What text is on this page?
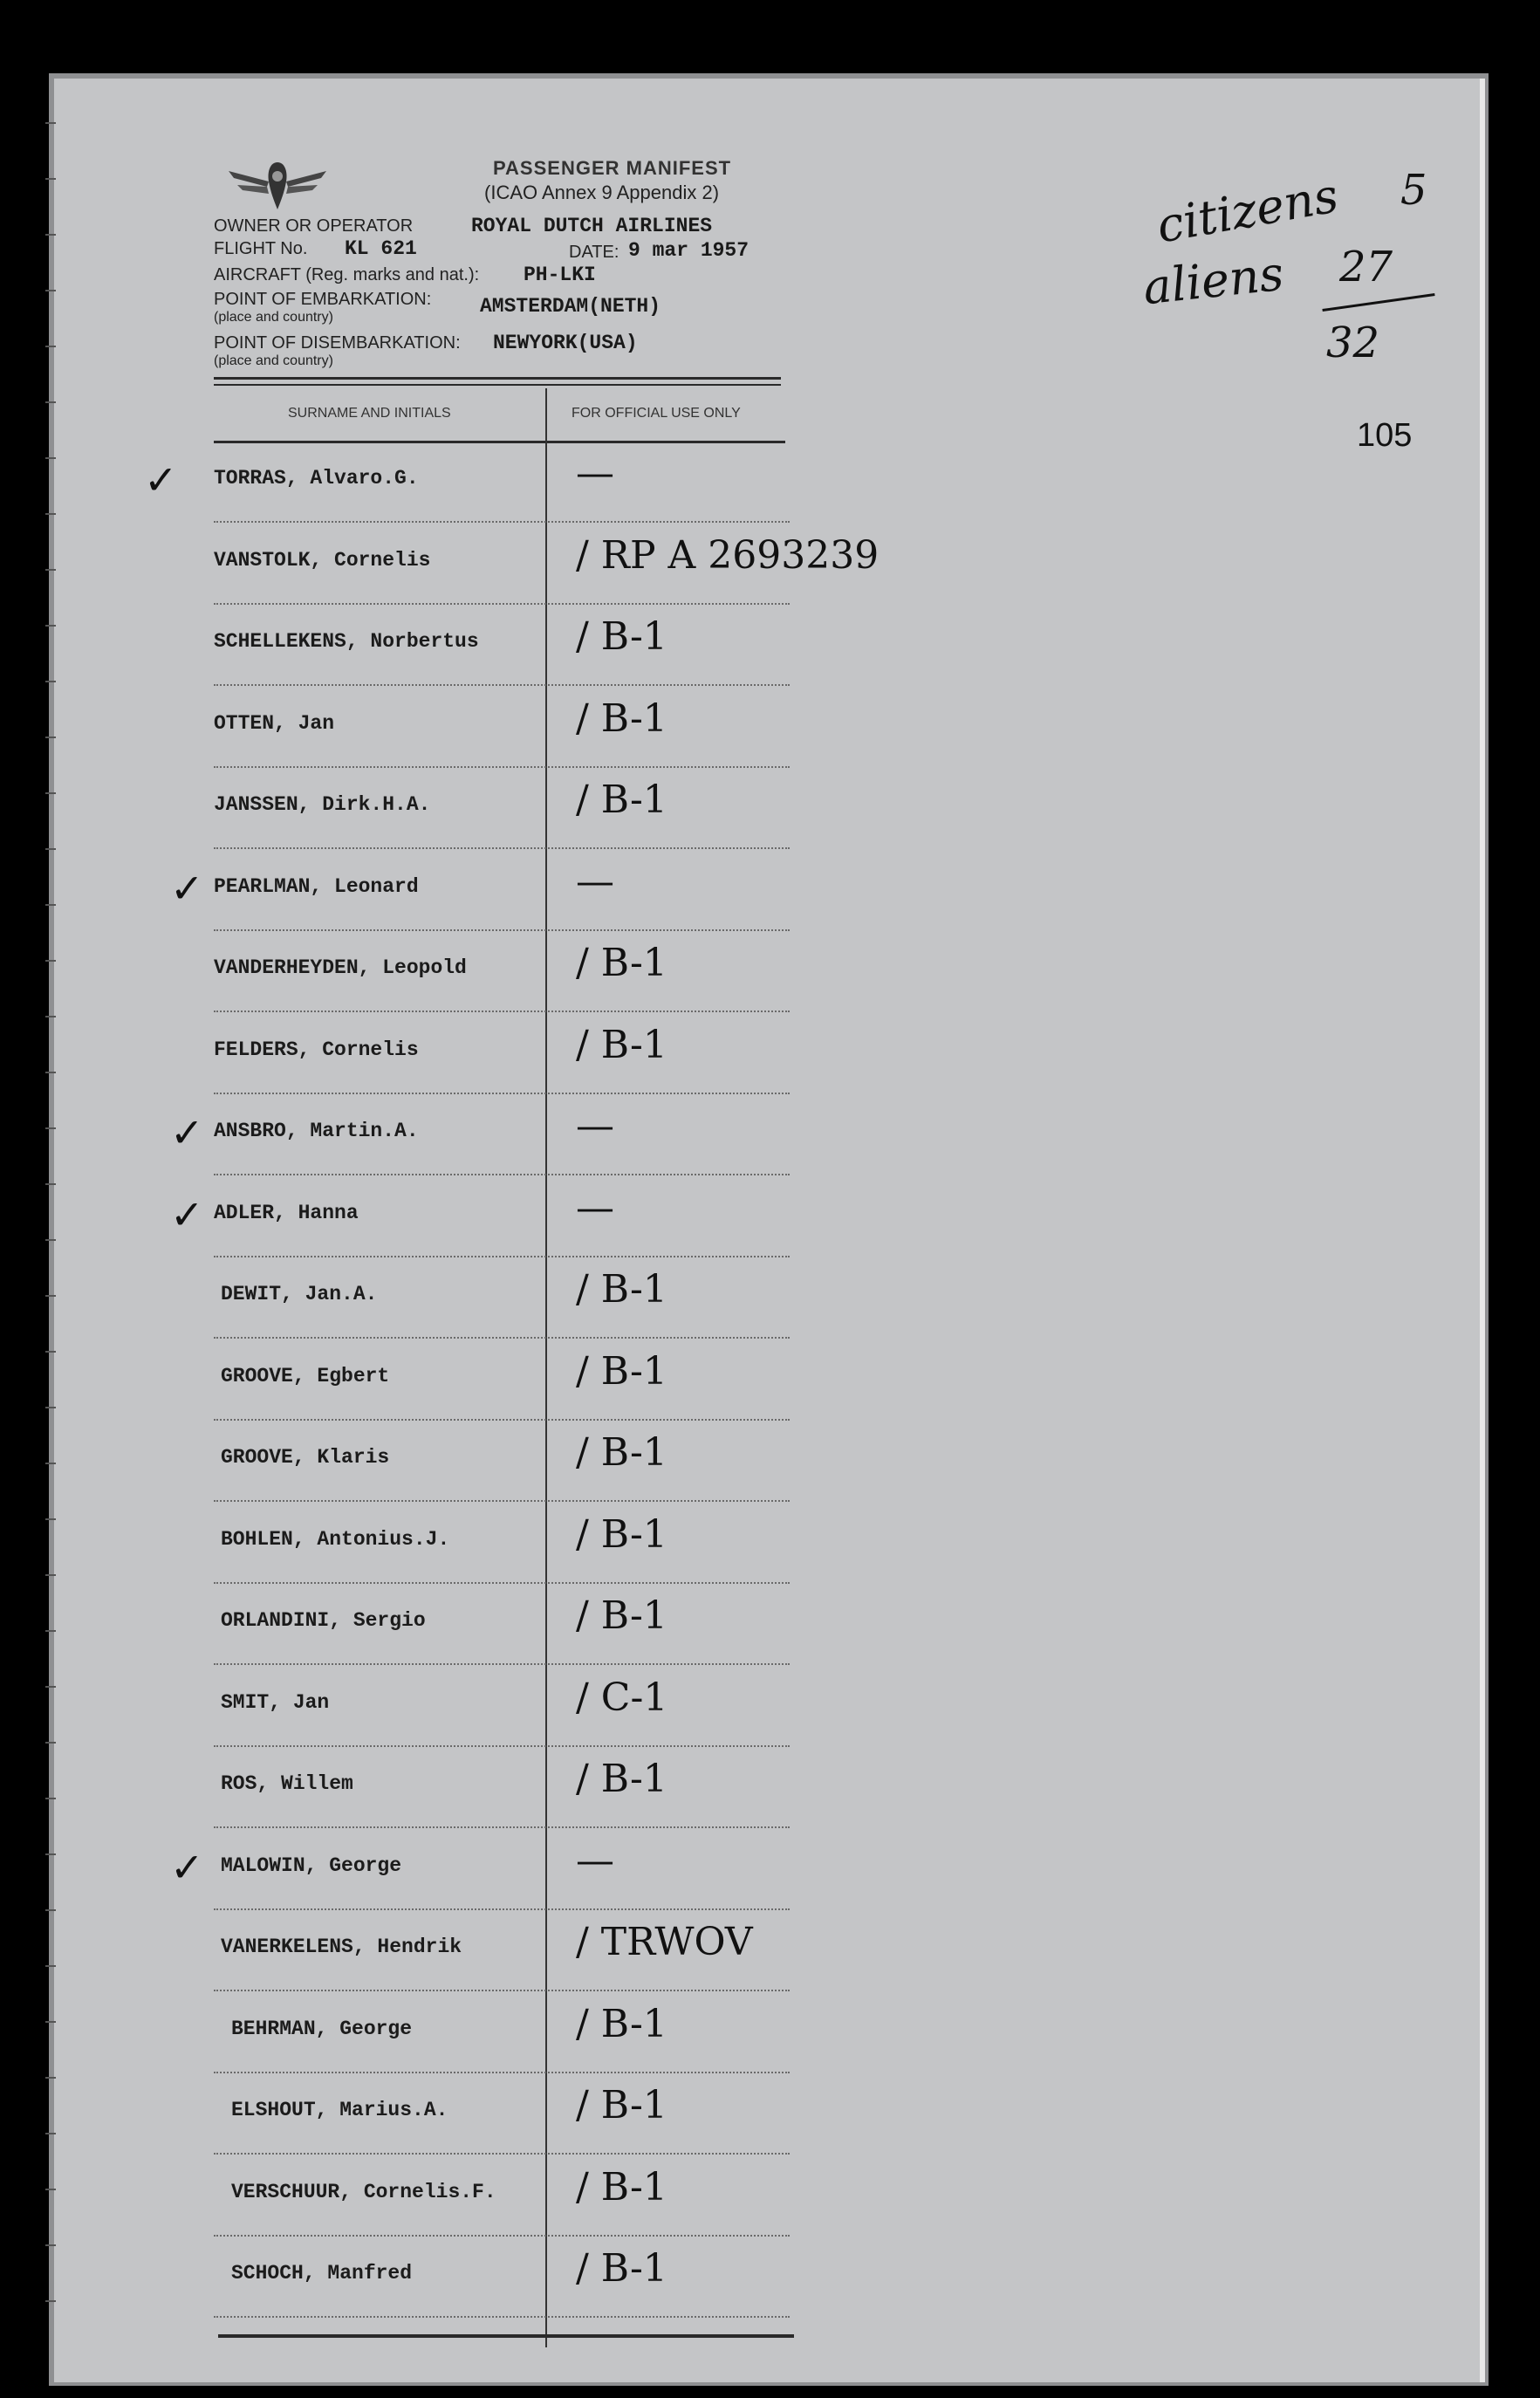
PASSENGER MANIFEST
(ICAO Annex 9 Appendix 2)
OWNER OR OPERATOR	ROYAL DUTCH AIRLINES
FLIGHT No. KL 621	DATE: 9 mar 1957
AIRCRAFT (Reg. marks and nat.): PH-LKI
POINT OF EMBARKATION:
(place and country)	AMSTERDAM(NETH)
POINT OF DISEMBARKATION:
(place and country)
NEWYORK(USA)
SURNAME AND INITIALS	FOR OFFICIAL USE ONLY
citizens 5
aliens 27
32
105
TORRAS, Alvaro.G.	—
VANSTOLK, Cornelis	/ RP A 2693239
SCHELLEKENS, Norbertus	/ B-1
OTTEN, Jan	/ B-1
JANSSEN, Dirk.H.A.	/ B-1
PEARLMAN, Leonard	—
VANDERHEYDEN, Leopold	/ B-1
FELDERS, Cornelis	/ B-1
ANSBRO, Martin.A.	—
ADLER, Hanna	—
DEWIT, Jan.A.	/ B-1
GROOVE, Egbert	/ B-1
GROOVE, Klaris	/ B-1
BOHLEN, Antonius.J.	/ B-1
ORLANDINI, Sergio	/ B-1
SMIT, Jan	/ C-1
ROS, Willem	/ B-1
MALOWIN, George	—
VANERKELENS, Hendrik	/ TRWOV
BEHRMAN, George	/ B-1
ELSHOUT, Marius.A.	/ B-1
VERSCHUUR, Cornelis.F. / B-1
SCHOCH, Manfred	/ B-1
✓
✓
✓
✓
✓
